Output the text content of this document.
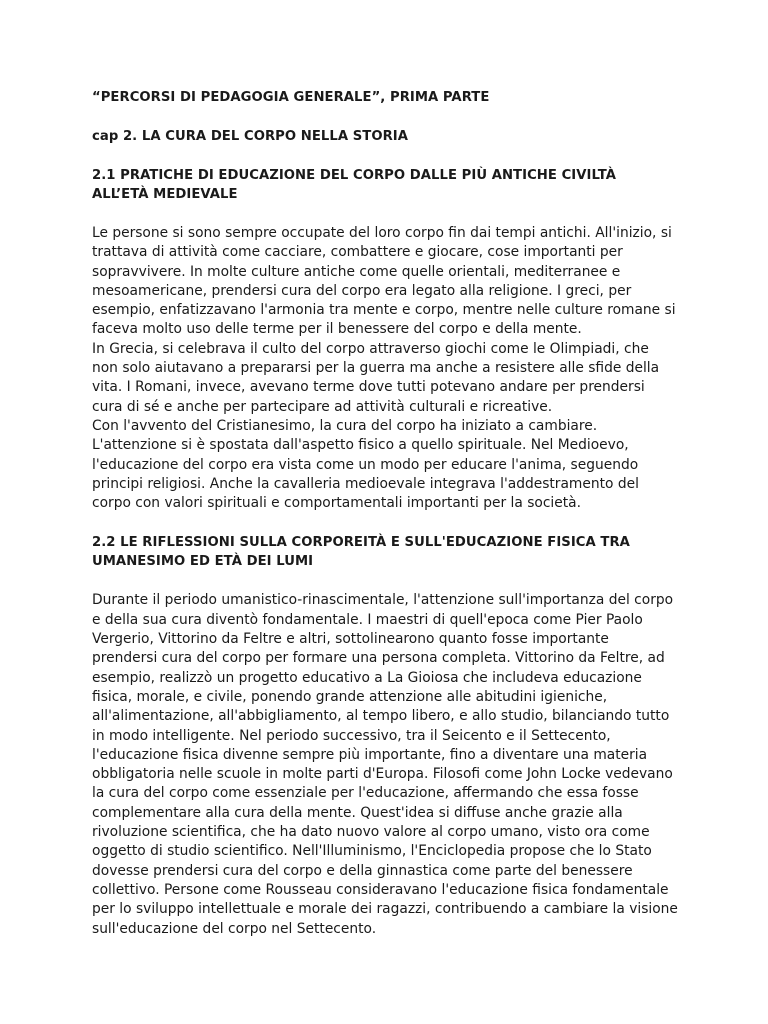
“PERCORSI DI PEDAGOGIA GENERALE”, PRIMA PARTE

cap 2. LA CURA DEL CORPO NELLA STORIA

2.1 PRATICHE DI EDUCAZIONE DEL CORPO DALLE PIÙ ANTICHE CIVILTÀ
ALL’ETÀ MEDIEVALE

Le persone si sono sempre occupate del loro corpo fin dai tempi antichi. All'inizio, si
trattava di attività come cacciare, combattere e giocare, cose importanti per
sopravvivere. In molte culture antiche come quelle orientali, mediterranee e
mesoamericane, prendersi cura del corpo era legato alla religione. I greci, per
esempio, enfatizzavano l'armonia tra mente e corpo, mentre nelle culture romane si
faceva molto uso delle terme per il benessere del corpo e della mente.
In Grecia, si celebrava il culto del corpo attraverso giochi come le Olimpiadi, che
non solo aiutavano a prepararsi per la guerra ma anche a resistere alle sfide della
vita. I Romani, invece, avevano terme dove tutti potevano andare per prendersi
cura di sé e anche per partecipare ad attività culturali e ricreative.
Con l'avvento del Cristianesimo, la cura del corpo ha iniziato a cambiare.
L'attenzione si è spostata dall'aspetto fisico a quello spirituale. Nel Medioevo,
l'educazione del corpo era vista come un modo per educare l'anima, seguendo
principi religiosi. Anche la cavalleria medioevale integrava l'addestramento del
corpo con valori spirituali e comportamentali importanti per la società.

2.2 LE RIFLESSIONI SULLA CORPOREITÀ E SULL'EDUCAZIONE FISICA TRA
UMANESIMO ED ETÀ DEI LUMI

Durante il periodo umanistico-rinascimentale, l'attenzione sull'importanza del corpo
e della sua cura diventò fondamentale. I maestri di quell'epoca come Pier Paolo
Vergerio, Vittorino da Feltre e altri, sottolinearono quanto fosse importante
prendersi cura del corpo per formare una persona completa. Vittorino da Feltre, ad
esempio, realizzò un progetto educativo a La Gioiosa che includeva educazione
fisica, morale, e civile, ponendo grande attenzione alle abitudini igieniche,
all'alimentazione, all'abbigliamento, al tempo libero, e allo studio, bilanciando tutto
in modo intelligente. Nel periodo successivo, tra il Seicento e il Settecento,
l'educazione fisica divenne sempre più importante, fino a diventare una materia
obbligatoria nelle scuole in molte parti d'Europa. Filosofi come John Locke vedevano
la cura del corpo come essenziale per l'educazione, affermando che essa fosse
complementare alla cura della mente. Quest'idea si diffuse anche grazie alla
rivoluzione scientifica, che ha dato nuovo valore al corpo umano, visto ora come
oggetto di studio scientifico. Nell'Illuminismo, l'Enciclopedia propose che lo Stato
dovesse prendersi cura del corpo e della ginnastica come parte del benessere
collettivo. Persone come Rousseau consideravano l'educazione fisica fondamentale
per lo sviluppo intellettuale e morale dei ragazzi, contribuendo a cambiare la visione
sull'educazione del corpo nel Settecento.
